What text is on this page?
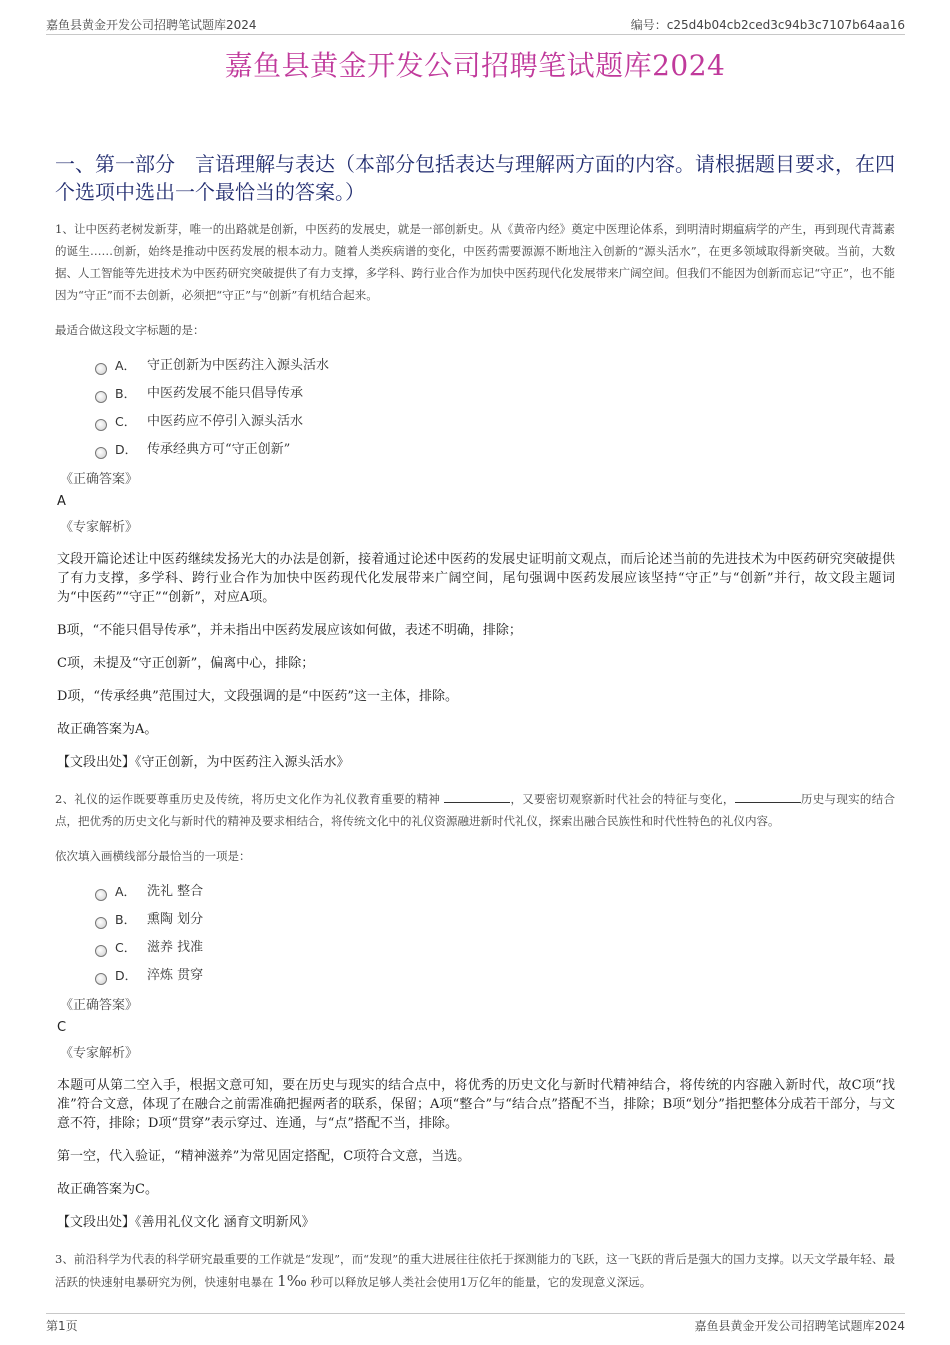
嘉鱼县黄金开发公司招聘笔试题库2024	编号：c25d4b04cb2ced3c94b3c7107b64aa16
嘉鱼县黄金开发公司招聘笔试题库2024
一、第一部分　言语理解与表达（本部分包括表达与理解两方面的内容。请根据题目要求，在四个选项中选出一个最恰当的答案。）

1、让中医药老树发新芽，唯一的出路就是创新，中医药的发展史，就是一部创新史。从《黄帝内经》奠定中医理论体系，到明清时期瘟病学的产生，再到现代青蒿素的诞生……创新，始终是推动中医药发展的根本动力。随着人类疾病谱的变化，中医药需要源源不断地注入创新的“源头活水”，在更多领域取得新突破。当前，大数据、人工智能等先进技术为中医药研究突破提供了有力支撑，多学科、跨行业合作为加快中医药现代化发展带来广阔空间。但我们不能因为创新而忘记“守正”，也不能因为“守正”而不去创新，必须把“守正”与“创新”有机结合起来。

最适合做这段文字标题的是：

A． 守正创新为中医药注入源头活水
B． 中医药发展不能只倡导传承
C． 中医药应不停引入源头活水
D． 传承经典方可“守正创新”
《正确答案》
A
《专家解析》
文段开篇论述让中医药继续发扬光大的办法是创新，接着通过论述中医药的发展史证明前文观点，而后论述当前的先进技术为中医药研究突破提供了有力支撑，多学科、跨行业合作为加快中医药现代化发展带来广阔空间，尾句强调中医药发展应该坚持“守正”与“创新”并行，故文段主题词为“中医药”“守正”“创新”，对应A项。
B项，“不能只倡导传承”，并未指出中医药发展应该如何做，表述不明确，排除；
C项，未提及“守正创新”，偏离中心，排除；
D项，“传承经典”范围过大，文段强调的是“中医药”这一主体，排除。
故正确答案为A。
【文段出处】《守正创新，为中医药注入源头活水》

2、礼仪的运作既要尊重历史及传统，将历史文化作为礼仪教育重要的精神	，又要密切观察新时代社会的特征与变化，	历史与现实的结合点，把优秀的历史文化与新时代的精神及要求相结合，将传统文化中的礼仪资源融进新时代礼仪，探索出融合民族性和时代性特色的礼仪内容。

依次填入画横线部分最恰当的一项是：

A． 洗礼 整合
B． 熏陶 划分
C． 滋养 找准
D． 淬炼 贯穿
《正确答案》
C
《专家解析》
本题可从第二空入手，根据文意可知，要在历史与现实的结合点中，将优秀的历史文化与新时代精神结合，将传统的内容融入新时代，故C项“找准”符合文意，体现了在融合之前需准确把握两者的联系，保留；A项“整合”与“结合点”搭配不当，排除；B项“划分”指把整体分成若干部分，与文意不符，排除；D项“贯穿”表示穿过、连通，与“点”搭配不当，排除。
第一空，代入验证，“精神滋养”为常见固定搭配，C项符合文意，当选。
故正确答案为C。
【文段出处】《善用礼仪文化 涵育文明新风》

3、前沿科学为代表的科学研究最重要的工作就是“发现”，而“发现”的重大进展往往依托于探测能力的飞跃，这一飞跃的背后是强大的国力支撑。以天文学最年轻、最活跃的快速射电暴研究为例，快速射电暴在 1‰ 秒可以释放足够人类社会使用1万亿年的能量，它的发现意义深远。

第1页	嘉鱼县黄金开发公司招聘笔试题库2024
